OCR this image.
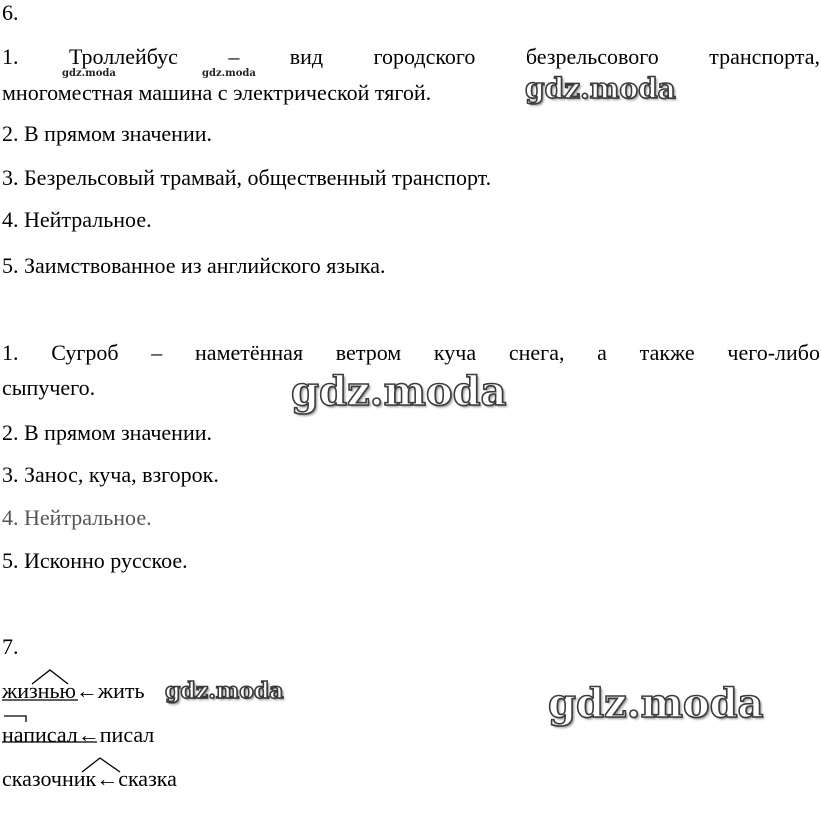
6.
1. Троллейбус – вид городского безрельсового транспорта,
многоместная машина с электрической тягой.
2. В прямом значении.
3. Безрельсовый трамвай, общественный транспорт.
4. Нейтральное.
5. Заимствованное из английского языка.
1. Сугроб – наметённая ветром куча снега, а также чего-либо
сыпучего.
2. В прямом значении.
3. Занос, куча, взгорок.
4. Нейтральное.
5. Исконно русское.
7.
жизнью←жить
написал←писал
сказочник←сказка
gdz.moda	gdz.moda	gdz.moda
gdz.moda
gdz.moda	gdz.moda
